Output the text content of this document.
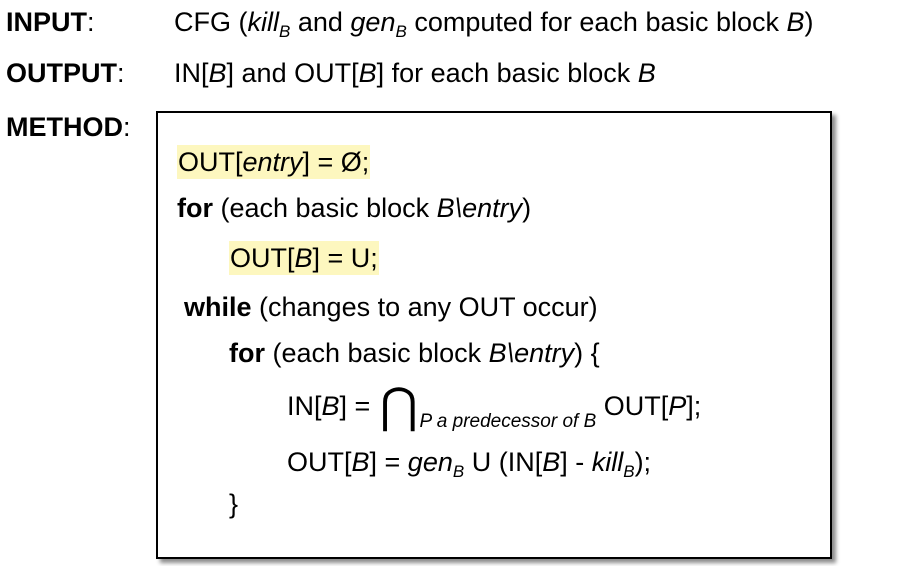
INPUT:	CFG (kill$_B$ and gen$_B$ computed for each basic block B)
OUTPUT: IN[B] and OUT[B] for each basic block B
METHOD:
OUT[entry] = Ø;
for (each basic block B\entry)
OUT[B] = U;
while (changes to any OUT occur)
for (each basic block B\entry) {
IN[B] = ⋂ $_{P a predecessor of B}$ OUT[P];
OUT[B] = gen$_B$ U (IN[B] - kill$_B$);
}
